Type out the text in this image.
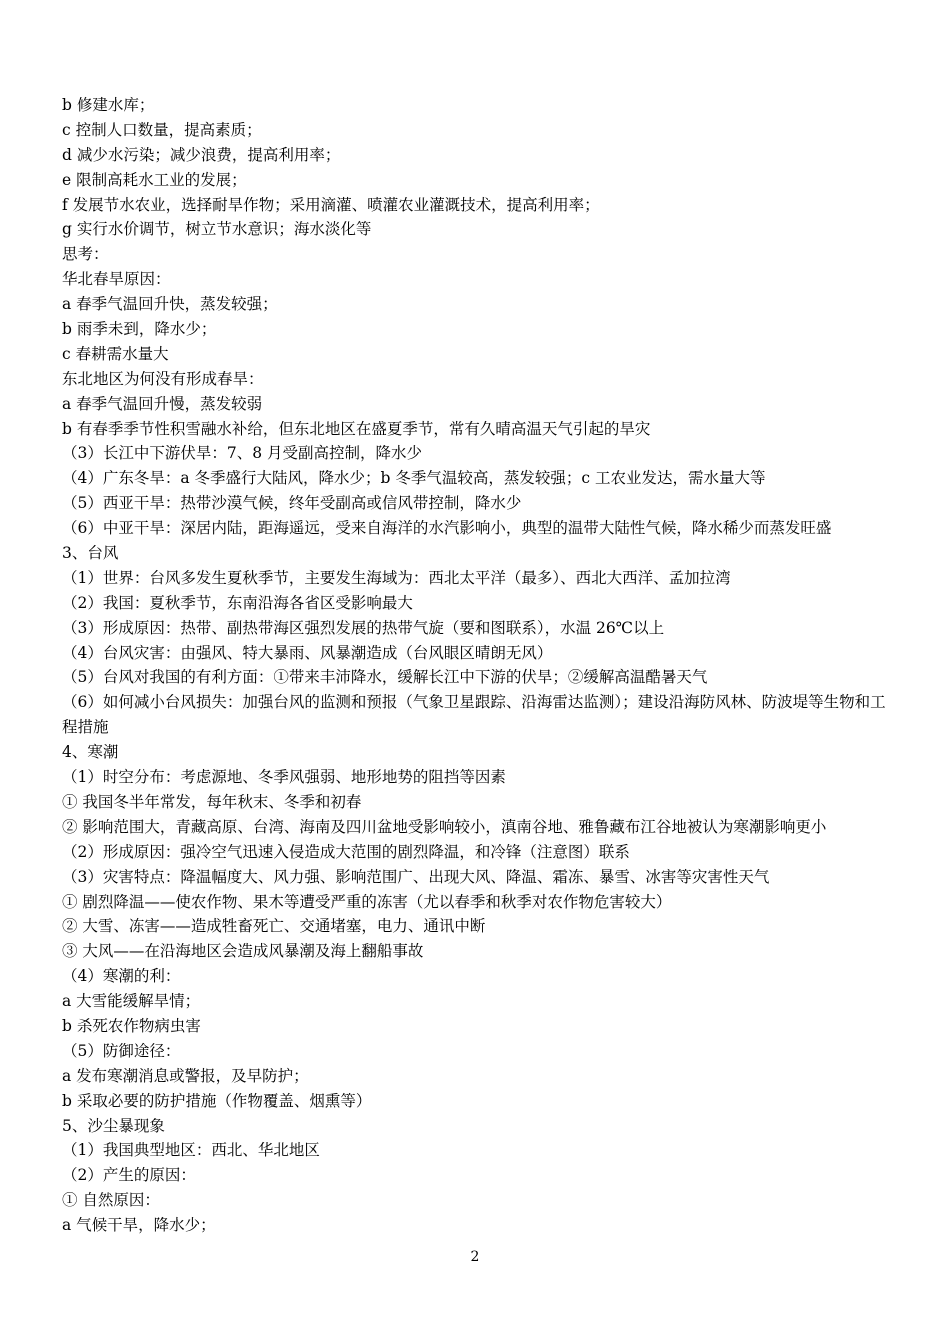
b 修建水库；
c 控制人口数量，提高素质；
d 减少水污染；减少浪费，提高利用率；
e 限制高耗水工业的发展；
f 发展节水农业，选择耐旱作物；采用滴灌、喷灌农业灌溉技术，提高利用率；
g 实行水价调节，树立节水意识；海水淡化等
思考：
华北春旱原因：
a 春季气温回升快，蒸发较强；
b 雨季未到，降水少；
c 春耕需水量大
东北地区为何没有形成春旱：
a 春季气温回升慢，蒸发较弱
b 有春季季节性积雪融水补给，但东北地区在盛夏季节，常有久晴高温天气引起的旱灾
（3）长江中下游伏旱：7、8 月受副高控制，降水少
（4）广东冬旱：a 冬季盛行大陆风，降水少；b 冬季气温较高，蒸发较强；c 工农业发达，需水量大等
（5）西亚干旱：热带沙漠气候，终年受副高或信风带控制，降水少
（6）中亚干旱：深居内陆，距海遥远，受来自海洋的水汽影响小，典型的温带大陆性气候，降水稀少而蒸发旺盛
3、台风
（1）世界：台风多发生夏秋季节，主要发生海域为：西北太平洋（最多）、西北大西洋、孟加拉湾
（2）我国：夏秋季节，东南沿海各省区受影响最大
（3）形成原因：热带、副热带海区强烈发展的热带气旋（要和图联系），水温 26℃以上
（4）台风灾害：由强风、特大暴雨、风暴潮造成（台风眼区晴朗无风）
（5）台风对我国的有利方面：①带来丰沛降水，缓解长江中下游的伏旱；②缓解高温酷暑天气
（6）如何减小台风损失：加强台风的监测和预报（气象卫星跟踪、沿海雷达监测）；建设沿海防风林、防波堤等生物和工程措施
4、寒潮
（1）时空分布：考虑源地、冬季风强弱、地形地势的阻挡等因素
① 我国冬半年常发，每年秋末、冬季和初春
② 影响范围大，青藏高原、台湾、海南及四川盆地受影响较小，滇南谷地、雅鲁藏布江谷地被认为寒潮影响更小
（2）形成原因：强冷空气迅速入侵造成大范围的剧烈降温，和冷锋（注意图）联系
（3）灾害特点：降温幅度大、风力强、影响范围广、出现大风、降温、霜冻、暴雪、冰害等灾害性天气
① 剧烈降温——使农作物、果木等遭受严重的冻害（尤以春季和秋季对农作物危害较大）
② 大雪、冻害——造成牲畜死亡、交通堵塞，电力、通讯中断
③ 大风——在沿海地区会造成风暴潮及海上翻船事故
（4）寒潮的利：
a 大雪能缓解旱情；
b 杀死农作物病虫害
（5）防御途径：
a 发布寒潮消息或警报，及早防护；
b 采取必要的防护措施（作物覆盖、烟熏等）
5、沙尘暴现象
（1）我国典型地区：西北、华北地区
（2）产生的原因：
① 自然原因：
a 气候干旱，降水少；
2
